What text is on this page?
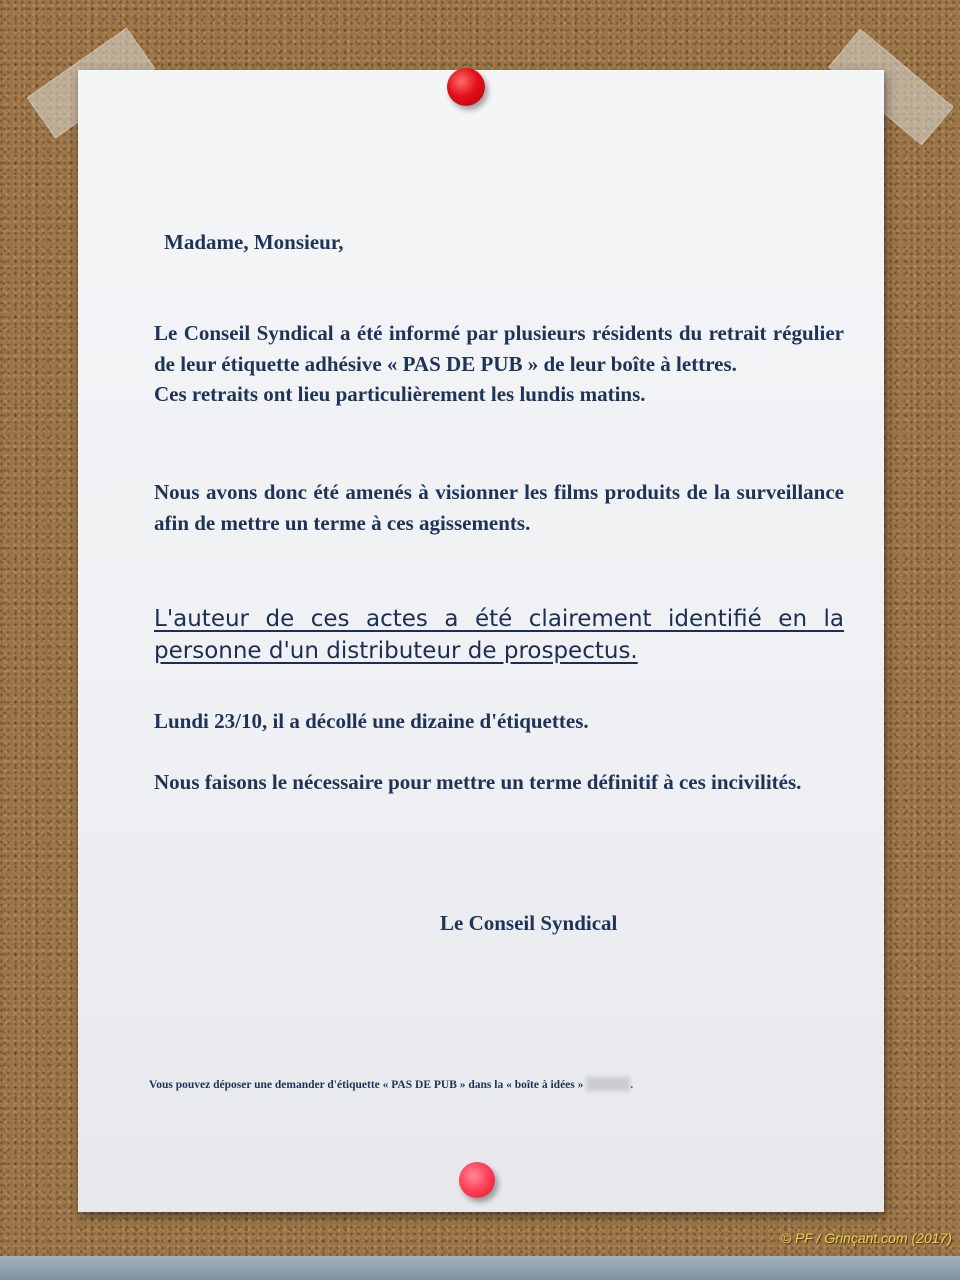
Madame, Monsieur,
Le Conseil Syndical a été informé par plusieurs résidents du retrait régulier de leur étiquette adhésive « PAS DE PUB » de leur boîte à lettres.
Ces retraits ont lieu particulièrement les lundis matins.
Nous avons donc été amenés à visionner les films produits de la surveillance afin de mettre un terme à ces agissements.
L'auteur de ces actes a été clairement identifié en la personne d'un distributeur de prospectus.
Lundi 23/10, il a décollé une dizaine d'étiquettes.
Nous faisons le nécessaire pour mettre un terme définitif à ces incivilités.
Le Conseil Syndical
Vous pouvez déposer une demander d'étiquette « PAS DE PUB » dans la « boîte à idées »	.
© PF / Grinçant.com (2017)
